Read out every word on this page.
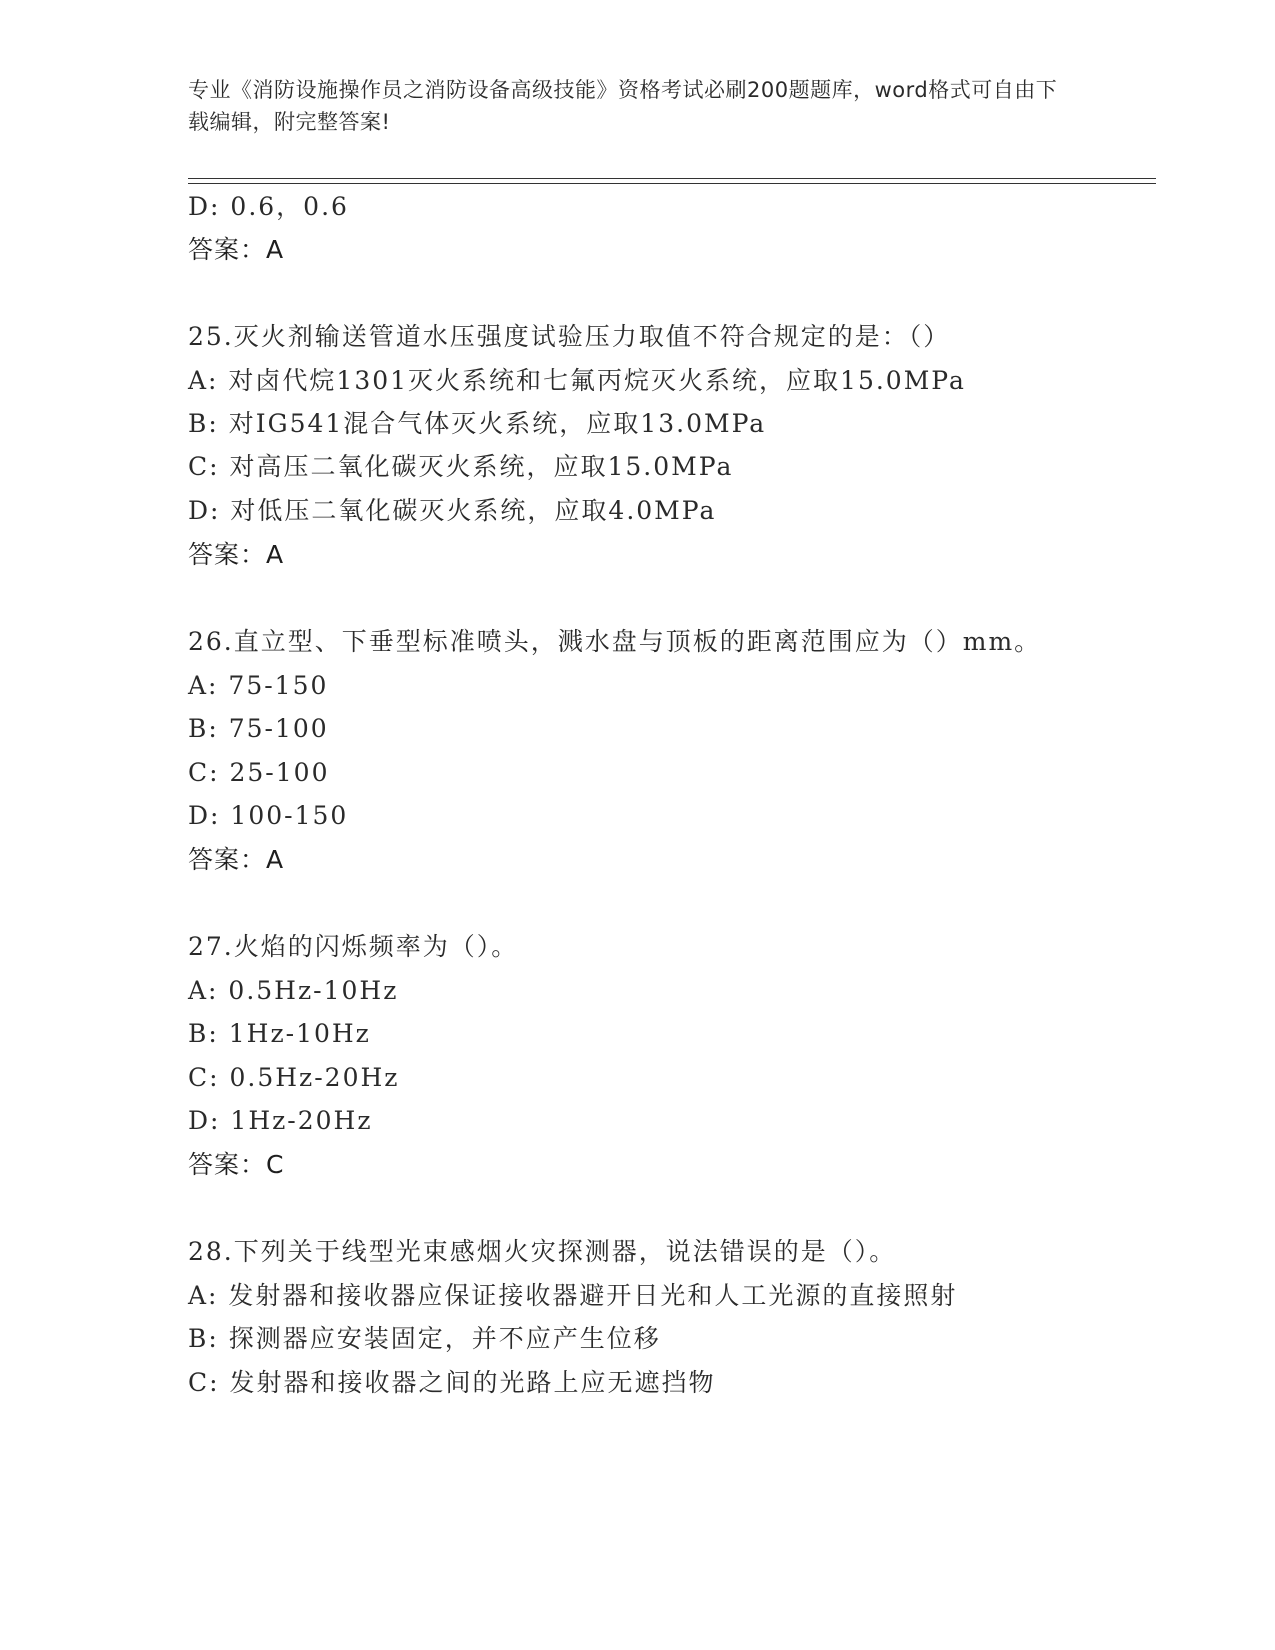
专业《消防设施操作员之消防设备高级技能》资格考试必刷200题题库，word格式可自由下载编辑，附完整答案!
D: 0.6，0.6
答案：A
25.灭火剂输送管道水压强度试验压力取值不符合规定的是：（）
A: 对卤代烷1301灭火系统和七氟丙烷灭火系统，应取15.0MPa
B: 对IG541混合气体灭火系统，应取13.0MPa
C: 对高压二氧化碳灭火系统，应取15.0MPa
D: 对低压二氧化碳灭火系统，应取4.0MPa
答案：A
26.直立型、下垂型标准喷头，溅水盘与顶板的距离范围应为（）mm。
A: 75-150
B: 75-100
C: 25-100
D: 100-150
答案：A
27.火焰的闪烁频率为（）。
A: 0.5Hz-10Hz
B: 1Hz-10Hz
C: 0.5Hz-20Hz
D: 1Hz-20Hz
答案：C
28.下列关于线型光束感烟火灾探测器，说法错误的是（）。
A: 发射器和接收器应保证接收器避开日光和人工光源的直接照射
B: 探测器应安装固定，并不应产生位移
C: 发射器和接收器之间的光路上应无遮挡物
